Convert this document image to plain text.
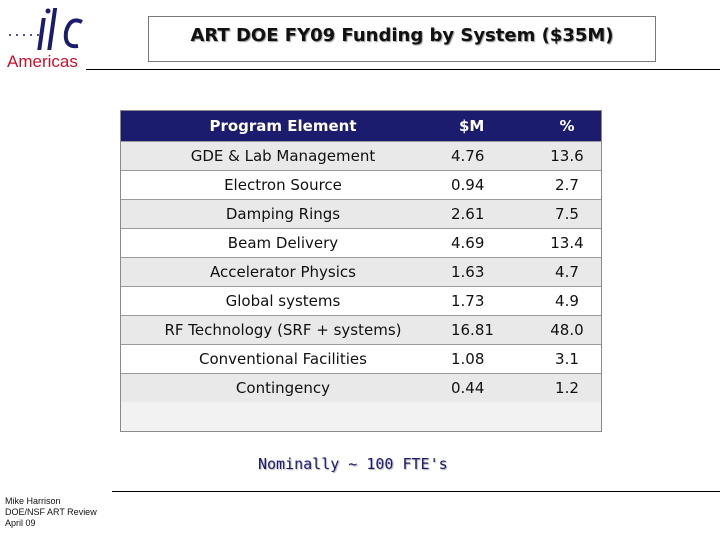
Americas
ART DOE FY09 Funding by System ($35M)
Program Element	$M	%
GDE & Lab Management	4.76	13.6
Electron Source	0.94	2.7
Damping Rings	2.61	7.5
Beam Delivery	4.69	13.4
Accelerator Physics	1.63	4.7
Global systems	1.73	4.9
RF Technology (SRF + systems)	16.81	48.0
Conventional Facilities	1.08	3.1
Contingency	0.44	1.2
Nominally ~ 100 FTE's
Mike Harrison
DOE/NSF ART Review
April 09
